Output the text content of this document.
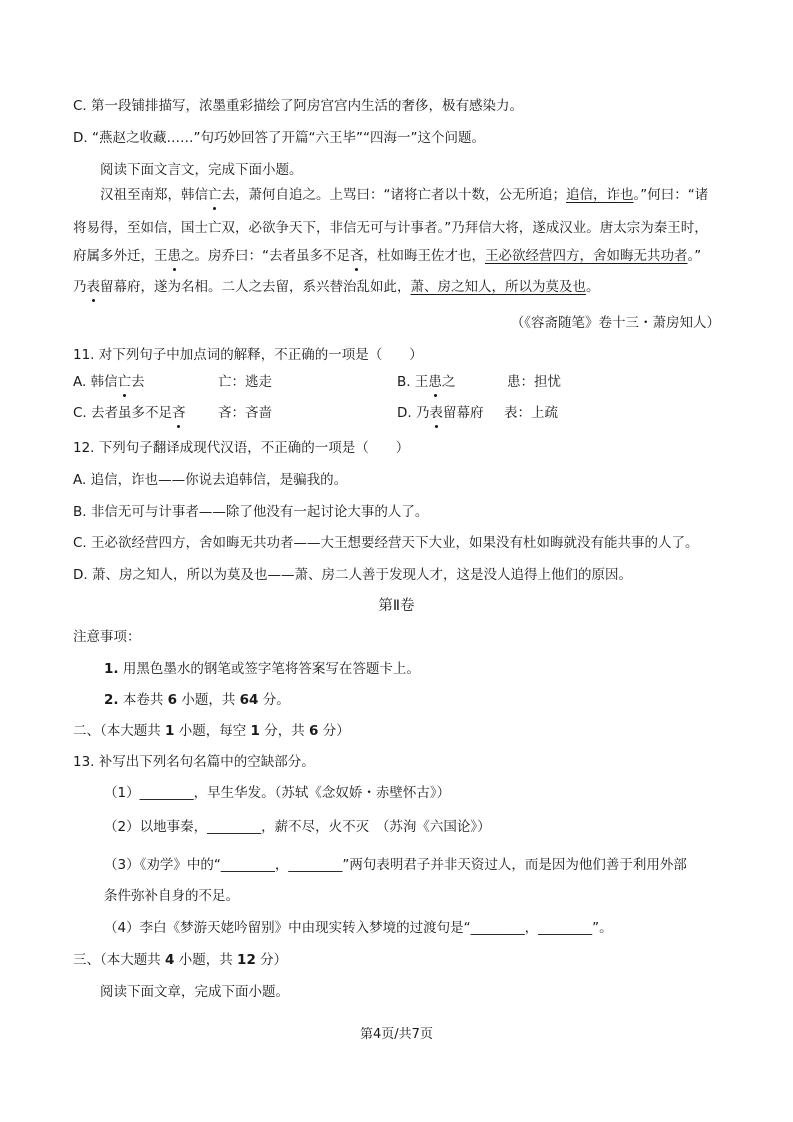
C. 第一段铺排描写，浓墨重彩描绘了阿房宫宫内生活的奢侈，极有感染力。
D. “燕赵之收藏……”句巧妙回答了开篇“六王毕”“四海一”这个问题。
阅读下面文言文，完成下面小题。
汉祖至南郑，韩信亡去，萧何自追之。上骂曰：“诸将亡者以十数，公无所追；追信，诈也。”何曰：“诸
将易得，至如信，国士亡双，必欲争天下，非信无可与计事者。”乃拜信大将，遂成汉业。唐太宗为秦王时，
府属多外迁，王患之。房乔曰：“去者虽多不足吝，杜如晦王佐才也，王必欲经营四方，舍如晦无共功者。”
乃表留幕府，遂为名相。二人之去留，系兴替治乱如此，萧、房之知人，所以为莫及也。
（《容斋随笔》卷十三・萧房知人）
11. 对下列句子中加点词的解释，不正确的一项是（　　）
A. 韩信亡去	亡：逃走	B. 王患之	患：担忧
C. 去者虽多不足吝 吝：吝啬	D. 乃表留幕府 表：上疏
12. 下列句子翻译成现代汉语，不正确的一项是（　　）
A. 追信，诈也——你说去追韩信，是骗我的。
B. 非信无可与计事者——除了他没有一起讨论大事的人了。
C. 王必欲经营四方，舍如晦无共功者——大王想要经营天下大业，如果没有杜如晦就没有能共事的人了。
D. 萧、房之知人，所以为莫及也——萧、房二人善于发现人才，这是没人追得上他们的原因。
第Ⅱ卷
注意事项：
1. 用黑色墨水的钢笔或签字笔将答案写在答题卡上。
2. 本卷共 6 小题，共 64 分。
二、（本大题共 1 小题，每空 1 分，共 6 分）
13. 补写出下列名句名篇中的空缺部分。
（1）________，早生华发。（苏轼《念奴娇・赤壁怀古》）
（2）以地事秦，________，薪不尽，火不灭　（苏洵《六国论》）
（3）《劝学》中的“________，________”两句表明君子并非天资过人，而是因为他们善于利用外部
条件弥补自身的不足。
（4）李白《梦游天姥吟留别》中由现实转入梦境的过渡句是“________，________”。
三、（本大题共 4 小题，共 12 分）
阅读下面文章，完成下面小题。
第4页/共7页
